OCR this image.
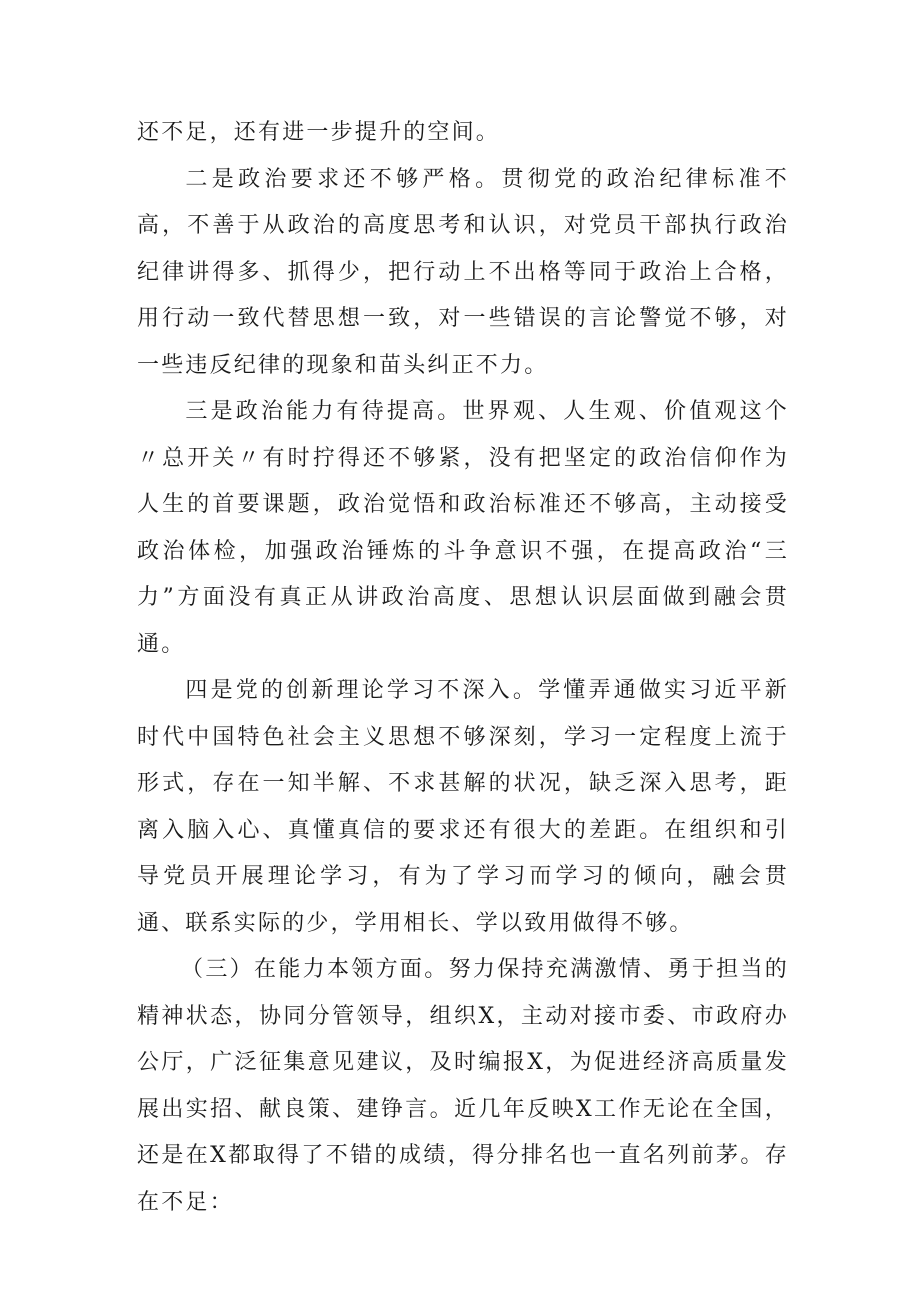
还不足，还有进一步提升的空间。

二是政治要求还不够严格。贯彻党的政治纪律标准不高，不善于从政治的高度思考和认识，对党员干部执行政治纪律讲得多、抓得少，把行动上不出格等同于政治上合格，用行动一致代替思想一致，对一些错误的言论警觉不够，对一些违反纪律的现象和苗头纠正不力。

三是政治能力有待提高。世界观、人生观、价值观这个〃总开关〃有时拧得还不够紧，没有把坚定的政治信仰作为人生的首要课题，政治觉悟和政治标准还不够高，主动接受政治体检，加强政治锤炼的斗争意识不强，在提高政治“三力”方面没有真正从讲政治高度、思想认识层面做到融会贯通。

四是党的创新理论学习不深入。学懂弄通做实习近平新时代中国特色社会主义思想不够深刻，学习一定程度上流于形式，存在一知半解、不求甚解的状况，缺乏深入思考，距离入脑入心、真懂真信的要求还有很大的差距。在组织和引导党员开展理论学习，有为了学习而学习的倾向，融会贯通、联系实际的少，学用相长、学以致用做得不够。

（三）在能力本领方面。努力保持充满激情、勇于担当的精神状态，协同分管领导，组织X，主动对接市委、市政府办公厅，广泛征集意见建议，及时编报X，为促进经济高质量发展出实招、献良策、建铮言。近几年反映X工作无论在全国，还是在X都取得了不错的成绩，得分排名也一直名列前茅。存在不足：
